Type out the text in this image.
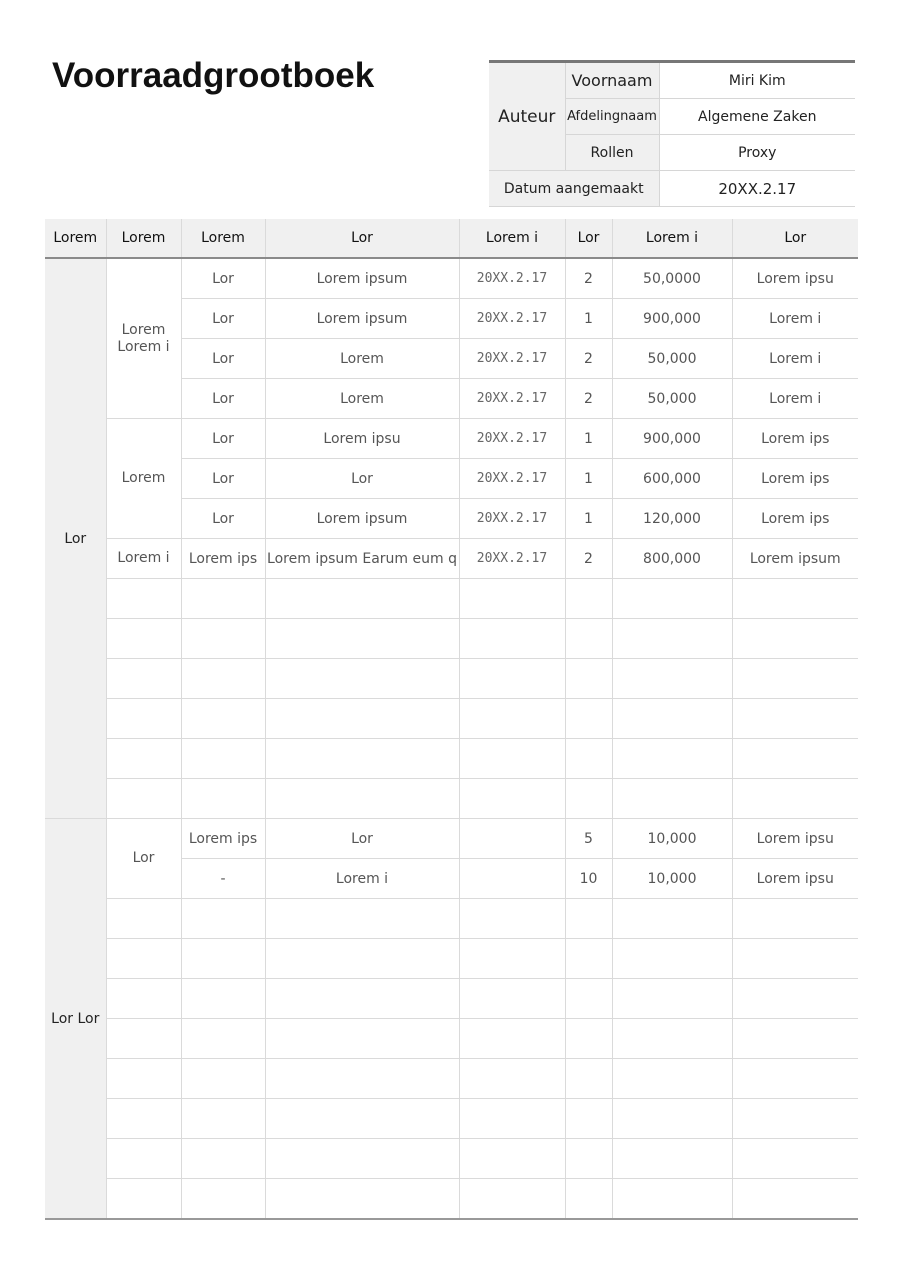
Voorraadgrootboek
Auteur	Voornaam	Miri Kim
	Afdelingnaam	Algemene Zaken
	Rollen	Proxy
Datum aangemaakt		20XX.2.17
Lorem	Lorem	Lorem	Lor	Lorem i	Lor	Lorem i	Lor
Lor	Lorem Lorem i	Lor	Lorem ipsum	20XX.2.17	2	50,0000	Lorem ipsu
		Lor	Lorem ipsum	20XX.2.17	1	900,000	Lorem i
		Lor	Lorem	20XX.2.17	2	50,000	Lorem i
		Lor	Lorem	20XX.2.17	2	50,000	Lorem i
	Lorem	Lor	Lorem ipsu	20XX.2.17	1	900,000	Lorem ips
		Lor	Lor	20XX.2.17	1	600,000	Lorem ips
		Lor	Lorem ipsum	20XX.2.17	1	120,000	Lorem ips
	Lorem i	Lorem ips	Lorem ipsum Earum eum q	20XX.2.17	2	800,000	Lorem ipsum

Lor Lor	Lor	Lorem ips	Lor		5	10,000	Lorem ipsu
		-	Lorem i		10	10,000	Lorem ipsu
